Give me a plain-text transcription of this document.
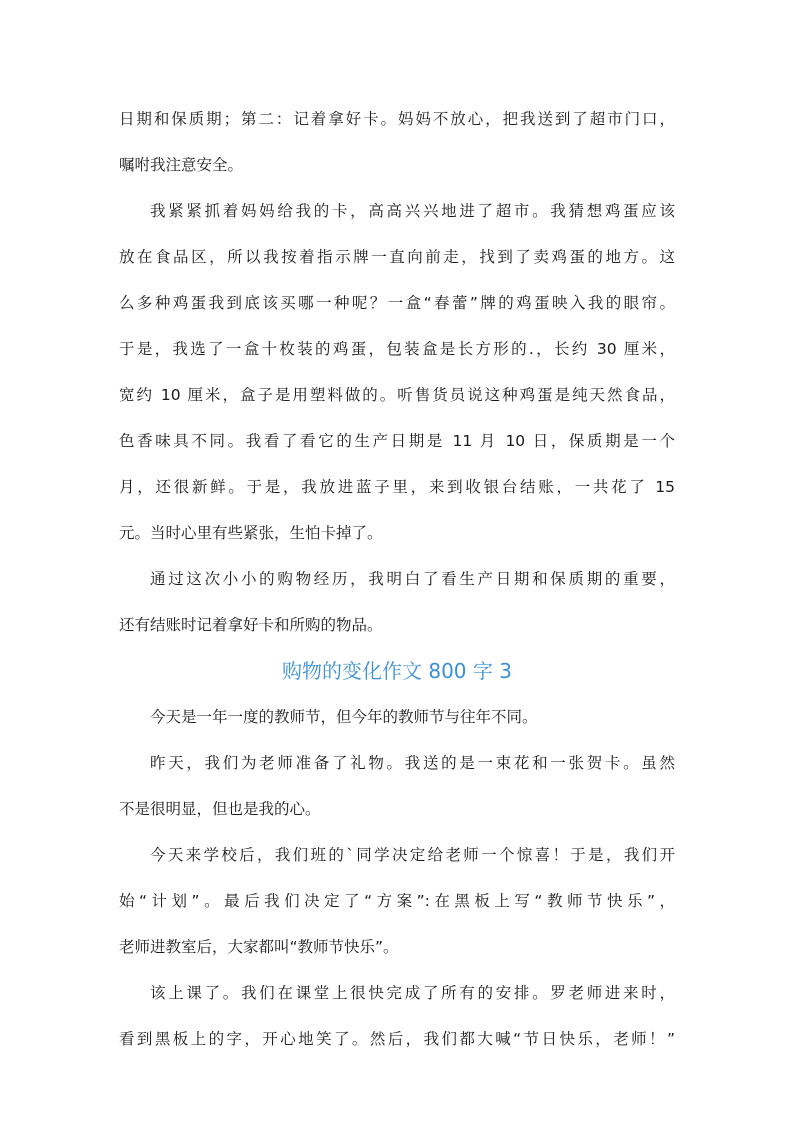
日期和保质期；第二：记着拿好卡。妈妈不放心，把我送到了超市门口，
嘱咐我注意安全。
我紧紧抓着妈妈给我的卡，高高兴兴地进了超市。我猜想鸡蛋应该
放在食品区，所以我按着指示牌一直向前走，找到了卖鸡蛋的地方。这
么多种鸡蛋我到底该买哪一种呢？一盒“春蕾”牌的鸡蛋映入我的眼帘。
于是，我选了一盒十枚装的鸡蛋，包装盒是长方形的.，长约 30 厘米，
宽约 10 厘米，盒子是用塑料做的。听售货员说这种鸡蛋是纯天然食品，
色香味具不同。我看了看它的生产日期是 11 月 10 日，保质期是一个
月，还很新鲜。于是，我放进蓝子里，来到收银台结账，一共花了 15
元。当时心里有些紧张，生怕卡掉了。
通过这次小小的购物经历，我明白了看生产日期和保质期的重要，
还有结账时记着拿好卡和所购的物品。
购物的变化作文 800 字 3
今天是一年一度的教师节，但今年的教师节与往年不同。
昨天，我们为老师准备了礼物。我送的是一束花和一张贺卡。虽然
不是很明显，但也是我的心。
今天来学校后，我们班的`同学决定给老师一个惊喜！于是，我们开
始“计划”。最后我们决定了“方案”:在黑板上写“教师节快乐”，
老师进教室后，大家都叫“教师节快乐”。
该上课了。我们在课堂上很快完成了所有的安排。罗老师进来时，
看到黑板上的字，开心地笑了。然后，我们都大喊“节日快乐，老师！”
